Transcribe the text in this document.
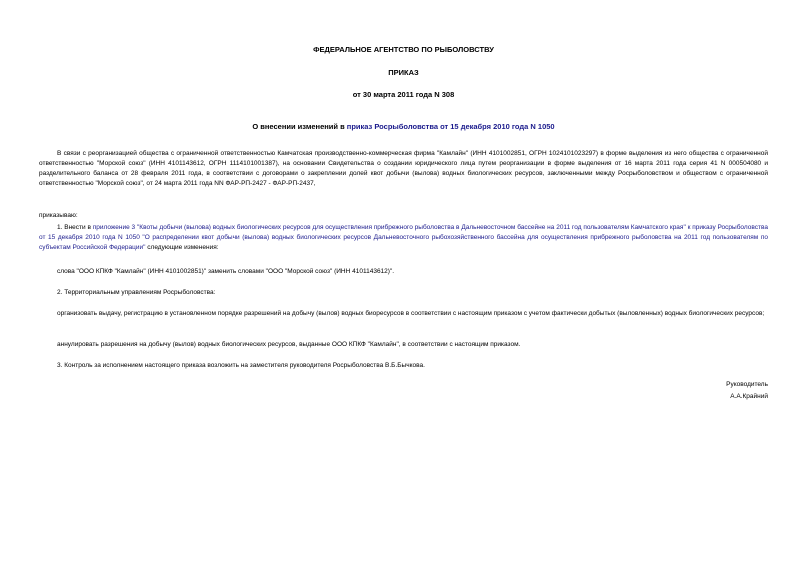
ФЕДЕРАЛЬНОЕ АГЕНТСТВО ПО РЫБОЛОВСТВУ
ПРИКАЗ
от 30 марта 2011 года N 308
О внесении изменений в приказ Росрыболовства от 15 декабря 2010 года N 1050
В связи с реорганизацией общества с ограниченной ответственностью Камчатская производственно-коммерческая фирма "Камлайн" (ИНН 4101002851, ОГРН 1024101023297) в форме выделения из него общества с ограниченной ответственностью "Морской союз" (ИНН 4101143612, ОГРН 1114101001387), на основании Свидетельства о создании юридического лица путем реорганизации в форме выделения от 16 марта 2011 года серия 41 N 000504080 и разделительного баланса от 28 февраля 2011 года, в соответствии с договорами о закреплении долей квот добычи (вылова) водных биологических ресурсов, заключенными между Росрыболовством и обществом с ограниченной ответственностью "Морской союз", от 24 марта 2011 года NN ФАР-РП-2427 - ФАР-РП-2437,
приказываю:
1. Внести в приложение 3 "Квоты добычи (вылова) водных биологических ресурсов для осуществления прибрежного рыболовства в Дальневосточном бассейне на 2011 год пользователям Камчатского края" к приказу Росрыболовства от 15 декабря 2010 года N 1050 "О распределении квот добычи (вылова) водных биологических ресурсов Дальневосточного рыбохозяйственного бассейна для осуществления прибрежного рыболовства на 2011 год пользователям по субъектам Российской Федерации" следующие изменения:
слова "ООО КПКФ "Камлайн" (ИНН 4101002851)" заменить словами "ООО "Морской союз" (ИНН 4101143612)".
2. Территориальным управлениям Росрыболовства:
организовать выдачу, регистрацию в установленном порядке разрешений на добычу (вылов) водных биоресурсов в соответствии с настоящим приказом с учетом фактически добытых (выловленных) водных биологических ресурсов;
аннулировать разрешения на добычу (вылов) водных биологических ресурсов, выданные ООО КПКФ "Камлайн", в соответствии с настоящим приказом.
3. Контроль за исполнением настоящего приказа возложить на заместителя руководителя Росрыболовства В.Б.Бычкова.
Руководитель
А.А.Крайний
